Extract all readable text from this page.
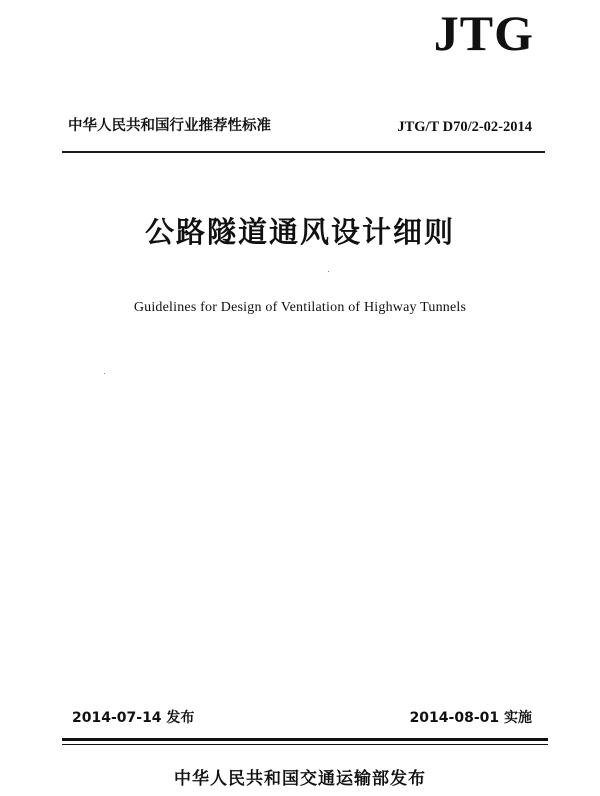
JTG
中华人民共和国行业推荐性标准	JTG/T D70/2-02-2014
公路隧道通风设计细则
Guidelines for Design of Ventilation of Highway Tunnels
2014-07-14 发布	2014-08-01 实施
中华人民共和国交通运输部发布
